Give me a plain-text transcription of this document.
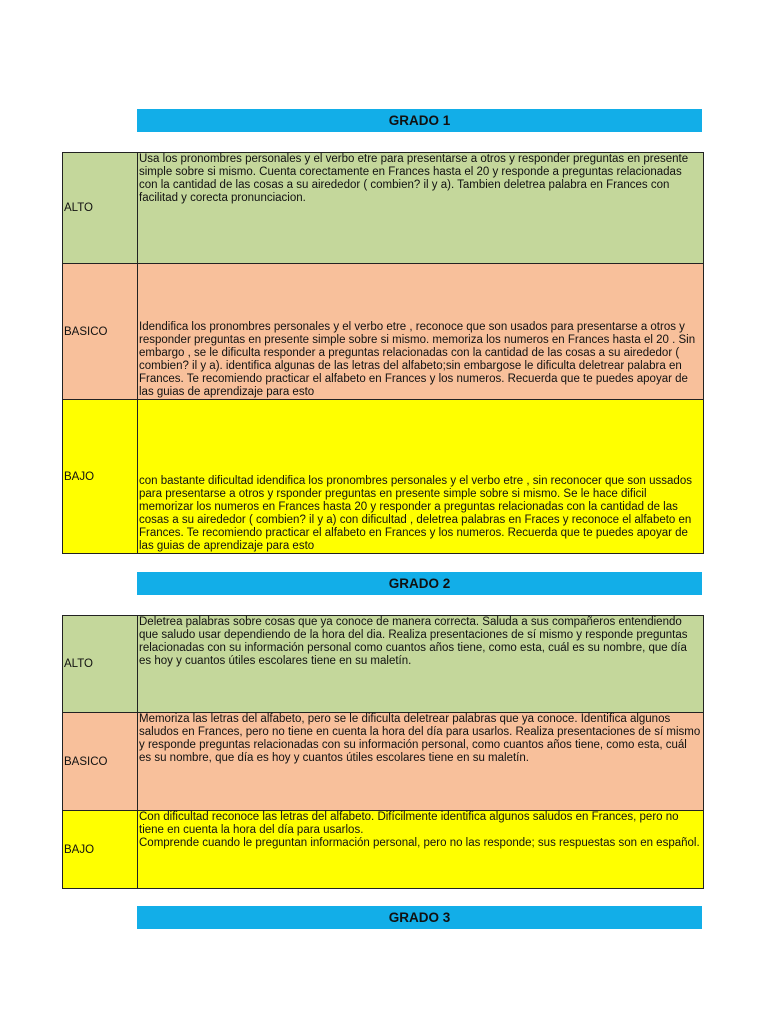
GRADO 1
ALTO
Usa los pronombres personales y el verbo etre para presentarse a otros y responder preguntas en presente simple sobre si mismo. Cuenta corectamente en Frances hasta el 20 y responde a preguntas relacionadas con la cantidad de las cosas a su airededor ( combien? il y a). Tambien deletrea palabra en Frances con facilitad y corecta pronunciacion.
BASICO	Idendifica los pronombres personales y el verbo etre , reconoce que son usados para presentarse a otros y responder preguntas en presente simple sobre si mismo. memoriza los numeros en Frances hasta el 20 . Sin embargo , se le dificulta responder a preguntas relacionadas con la cantidad de las cosas a su airededor ( combien? il y a). identifica algunas de las letras del alfabeto;sin embargose le dificulta deletrear palabra en Frances. Te recomiendo practicar el alfabeto en Frances y los numeros. Recuerda que te puedes apoyar de las guias de aprendizaje para esto
BAJO	con bastante dificultad idendifica los pronombres personales y el verbo etre , sin reconocer que son ussados para presentarse a otros y rsponder preguntas en presente simple sobre si mismo. Se le hace dificil memorizar los numeros en Frances hasta 20 y responder a preguntas relacionadas con la cantidad de las cosas a su airededor ( combien? il y a) con dificultad , deletrea palabras en Fraces y reconoce el alfabeto en Frances. Te recomiendo practicar el alfabeto en Frances y los numeros. Recuerda que te puedes apoyar de las guias de aprendizaje para esto
GRADO 2
ALTO
Deletrea palabras sobre cosas que ya conoce de manera correcta. Saluda a sus compañeros entendiendo que saludo usar dependiendo de la hora del dia. Realiza presentaciones de sí mismo y responde preguntas relacionadas con su información personal como cuantos años tiene, como esta, cuál es su nombre, que día es hoy y cuantos útiles escolares tiene en su maletín.
BASICO
Memoriza las letras del alfabeto, pero se le dificulta deletrear palabras que ya conoce. Identifica algunos saludos en Frances, pero no tiene en cuenta la hora del día para usarlos. Realiza presentaciones de sí mismo y responde preguntas relacionadas con su información personal, como cuantos años tiene, como esta, cuál es su nombre, que día es hoy y cuantos útiles escolares tiene en su maletín.
BAJO
Con dificultad reconoce las letras del alfabeto. Difícilmente identifica algunos saludos en Frances, pero no tiene en cuenta la hora del día para usarlos.
Comprende cuando le preguntan información personal, pero no las responde; sus respuestas son en español.
GRADO 3
